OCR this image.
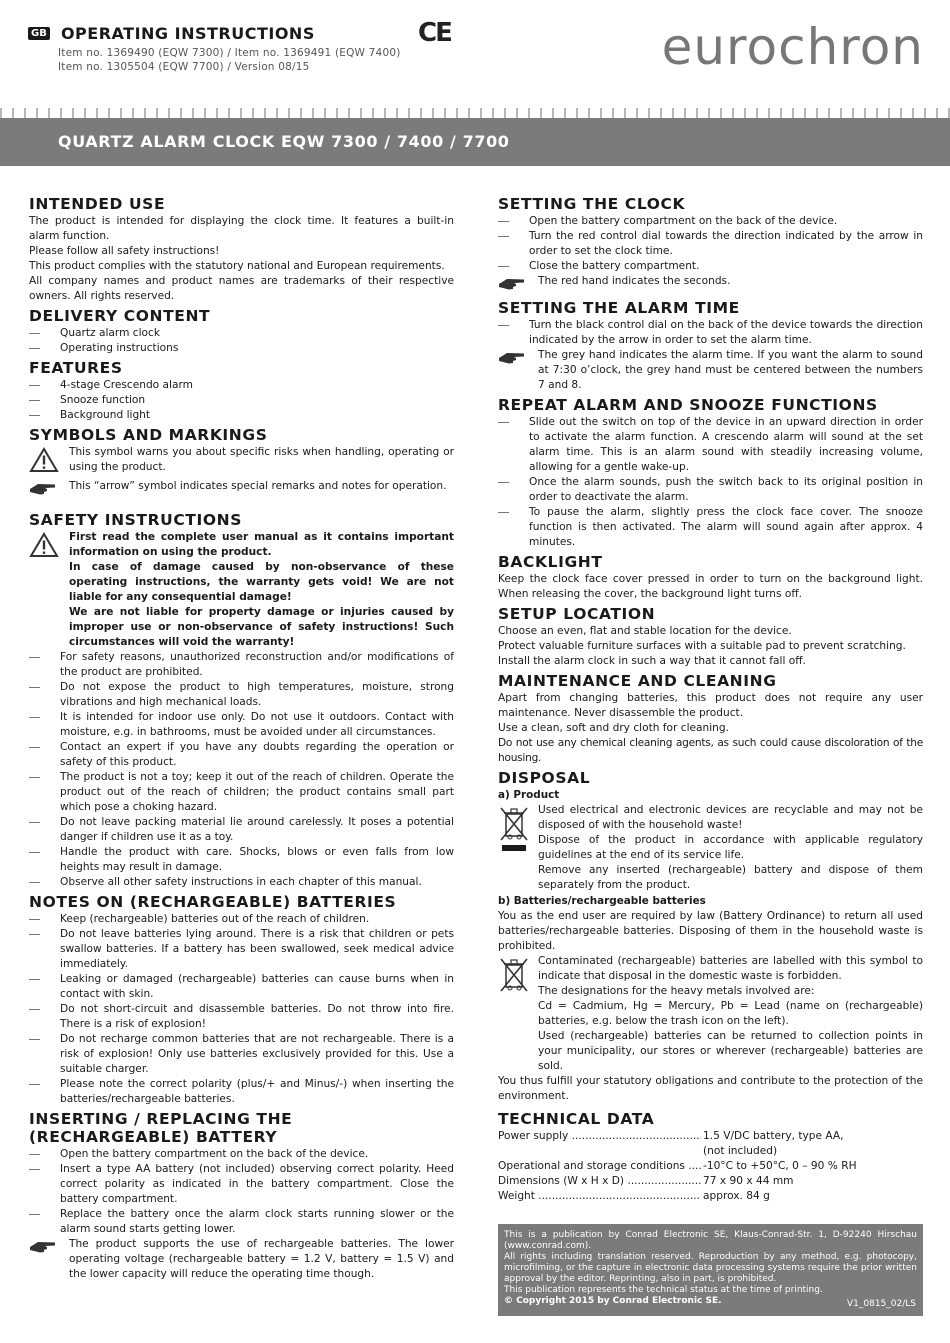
GB OPERATING INSTRUCTIONS
Item no. 1369490 (EQW 7300) / Item no. 1369491 (EQW 7400)
Item no. 1305504 (EQW 7700) / Version 08/15
CE	eurochron
QUARTZ ALARM CLOCK EQW 7300 / 7400 / 7700
INTENDED USE

The product is intended for displaying the clock time. It features a built-in alarm function.

Please follow all safety instructions!

This product complies with the statutory national and European requirements.

All company names and product names are trademarks of their respective owners. All rights reserved.

DELIVERY CONTENT
Quartz alarm clock
Operating instructions
FEATURES
4-stage Crescendo alarm
Snooze function
Background light
SYMBOLS AND MARKINGS
This symbol warns you about specific risks when handling, operating or using the product.
This “arrow” symbol indicates special remarks and notes for operation.
SAFETY INSTRUCTIONS
First read the complete user manual as it contains important information on using the product.
In case of damage caused by non-observance of these operating instructions, the warranty gets void! We are not liable for any consequential damage!
We are not liable for property damage or injuries caused by improper use or non-observance of safety instructions! Such circumstances will void the warranty!
For safety reasons, unauthorized reconstruction and/or modifications of the product are prohibited.
Do not expose the product to high temperatures, moisture, strong vibrations and high mechanical loads.
It is intended for indoor use only. Do not use it outdoors. Contact with moisture, e.g. in bathrooms, must be avoided under all circumstances.
Contact an expert if you have any doubts regarding the operation or safety of this product.
The product is not a toy; keep it out of the reach of children. Operate the product out of the reach of children; the product contains small part which pose a choking hazard.
Do not leave packing material lie around carelessly. It poses a potential danger if children use it as a toy.
Handle the product with care. Shocks, blows or even falls from low heights may result in damage.
Observe all other safety instructions in each chapter of this manual.
NOTES ON (RECHARGEABLE) BATTERIES
Keep (rechargeable) batteries out of the reach of children.
Do not leave batteries lying around. There is a risk that children or pets swallow batteries. If a battery has been swallowed, seek medical advice immediately.
Leaking or damaged (rechargeable) batteries can cause burns when in contact with skin.
Do not short-circuit and disassemble batteries. Do not throw into fire. There is a risk of explosion!
Do not recharge common batteries that are not rechargeable. There is a risk of explosion! Only use batteries exclusively provided for this. Use a suitable charger.
Please note the correct polarity (plus/+ and Minus/-) when inserting the batteries/rechargeable batteries.
INSERTING / REPLACING THE (RECHARGEABLE) BATTERY
Open the battery compartment on the back of the device.
Insert a type AA battery (not included) observing correct polarity. Heed correct polarity as indicated in the battery compartment. Close the battery compartment.
Replace the battery once the alarm clock starts running slower or the alarm sound starts getting lower.
The product supports the use of rechargeable batteries. The lower operating voltage (rechargeable battery = 1.2 V, battery = 1.5 V) and the lower capacity will reduce the operating time though.
SETTING THE CLOCK
Open the battery compartment on the back of the device.
Turn the red control dial towards the direction indicated by the arrow in order to set the clock time.
Close the battery compartment.
The red hand indicates the seconds.
SETTING THE ALARM TIME
Turn the black control dial on the back of the device towards the direction indicated by the arrow in order to set the alarm time.
The grey hand indicates the alarm time. If you want the alarm to sound at 7:30 o’clock, the grey hand must be centered between the numbers 7 and 8.
REPEAT ALARM AND SNOOZE FUNCTIONS
Slide out the switch on top of the device in an upward direction in order to activate the alarm function. A crescendo alarm will sound at the set alarm time. This is an alarm sound with steadily increasing volume, allowing for a gentle wake-up.
Once the alarm sounds, push the switch back to its original position in order to deactivate the alarm.
To pause the alarm, slightly press the clock face cover. The snooze function is then activated. The alarm will sound again after approx. 4 minutes.
BACKLIGHT

Keep the clock face cover pressed in order to turn on the background light. When releasing the cover, the background light turns off.

SETUP LOCATION

Choose an even, flat and stable location for the device.

Protect valuable furniture surfaces with a suitable pad to prevent scratching.

Install the alarm clock in such a way that it cannot fall off.

MAINTENANCE AND CLEANING

Apart from changing batteries, this product does not require any user maintenance. Never disassemble the product.

Use a clean, soft and dry cloth for cleaning.

Do not use any chemical cleaning agents, as such could cause discoloration of the housing.

DISPOSAL
a) Product
Used electrical and electronic devices are recyclable and may not be disposed of with the household waste!
Dispose of the product in accordance with applicable regulatory guidelines at the end of its service life.
Remove any inserted (rechargeable) battery and dispose of them separately from the product.
b) Batteries/rechargeable batteries

You as the end user are required by law (Battery Ordinance) to return all used batteries/rechargeable batteries. Disposing of them in the household waste is prohibited.

Contaminated (rechargeable) batteries are labelled with this symbol to indicate that disposal in the domestic waste is forbidden.
The designations for the heavy metals involved are:
Cd = Cadmium, Hg = Mercury, Pb = Lead (name on (rechargeable) batteries, e.g. below the trash icon on the left).
Used (rechargeable) batteries can be returned to collection points in your municipality, our stores or wherever (rechargeable) batteries are sold.

You thus fulfill your statutory obligations and contribute to the protection of the environment.

TECHNICAL DATA
Power supply .....	1.5 V/DC battery, type AA,
(not included)
Operational and storage conditions .....	-10°C to +50°C, 0 – 90 % RH
Dimensions (W x H x D) .....	77 x 90 x 44 mm
Weight .....	approx. 84 g
This is a publication by Conrad Electronic SE, Klaus-Conrad-Str. 1, D-92240 Hirschau (www.conrad.com).
All rights including translation reserved. Reproduction by any method, e.g. photocopy, microfilming, or the capture in electronic data processing systems require the prior written approval by the editor. Reprinting, also in part, is prohibited.
This publication represents the technical status at the time of printing.
© Copyright 2015 by Conrad Electronic SE.	V1_0815_02/LS
